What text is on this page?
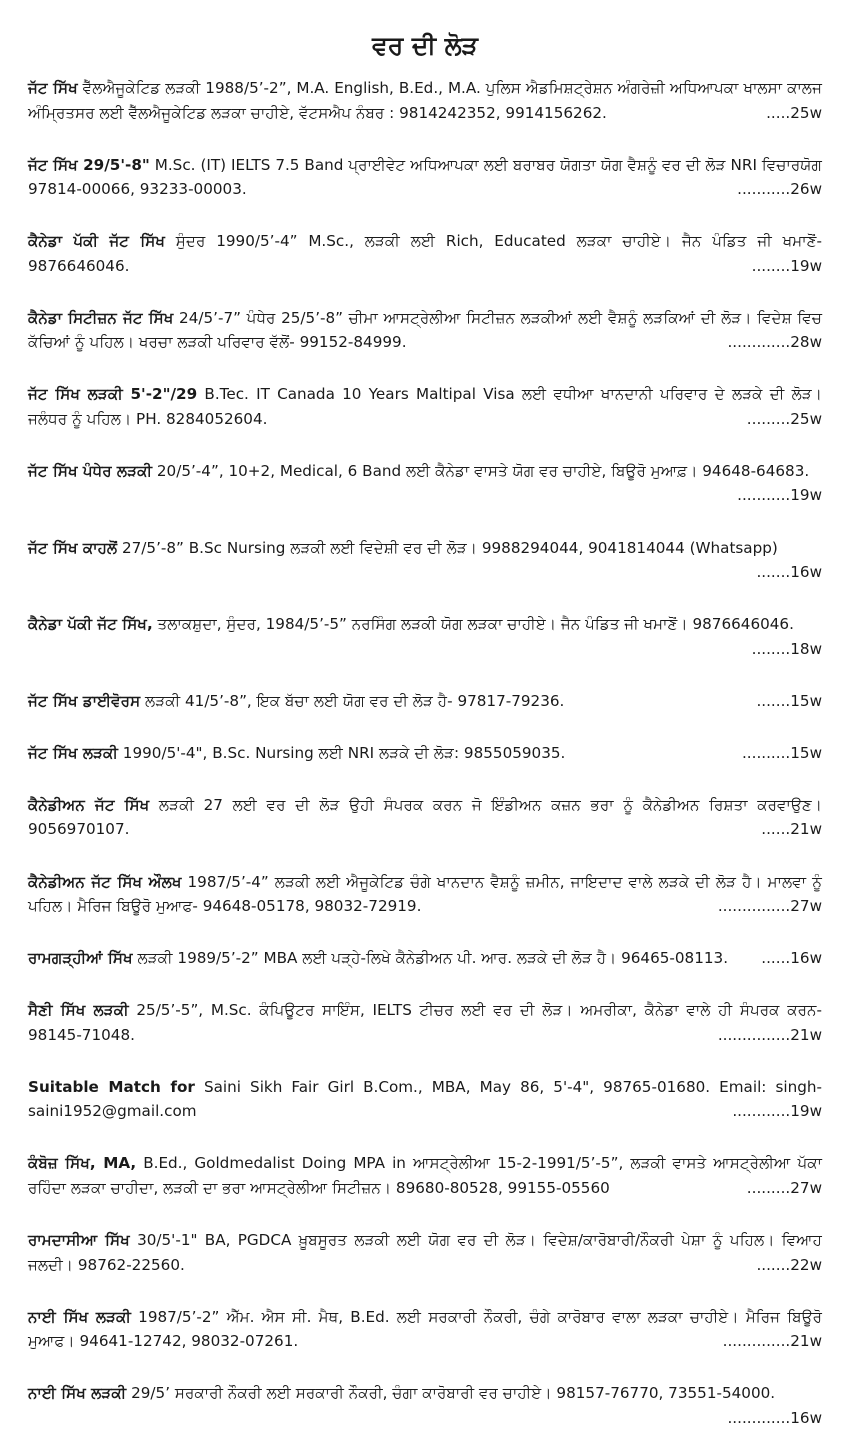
ਵਰ ਦੀ ਲੋੜ

ਜੱਟ ਸਿੱਖ ਵੈੱਲਐਜੂਕੇਟਿਡ ਲੜਕੀ 1988/5’-2”, M.A. English, B.Ed., M.A. ਪੁਲਿਸ ਐਡਮਿਸ਼ਟ੍ਰੇਸ਼ਨ ਅੰਗਰੇਜ਼ੀ ਅਧਿਆਪਕਾ ਖਾਲਸਾ ਕਾਲਜ ਅੰਮ੍ਰਿਤਸਰ ਲਈ ਵੈੱਲਐਜੂਕੇਟਿਡ ਲੜਕਾ ਚਾਹੀਏ, ਵੱਟਸਐਪ ਨੰਬਰ : 9814242352, 9914156262.	.....25w

ਜੱਟ ਸਿੱਖ 29/5'-8" M.Sc. (IT) IELTS 7.5 Band ਪ੍ਰਾਈਵੇਟ ਅਧਿਆਪਕਾ ਲਈ ਬਰਾਬਰ ਯੋਗਤਾ ਯੋਗ ਵੈਸ਼ਨੂੰ ਵਰ ਦੀ ਲੋੜ NRI ਵਿਚਾਰਯੋਗ 97814-00066, 93233-00003.	...........26w

ਕੈਨੇਡਾ ਪੱਕੀ ਜੱਟ ਸਿੱਖ ਸੁੰਦਰ 1990/5’-4” M.Sc., ਲੜਕੀ ਲਈ Rich, Educated ਲੜਕਾ ਚਾਹੀਏ। ਜੈਨ ਪੰਡਿਤ ਜੀ ਖਮਾਣੋਂ- 9876646046.	........19w

ਕੈਨੇਡਾ ਸਿਟੀਜ਼ਨ ਜੱਟ ਸਿੱਖ 24/5’-7” ਪੰਧੇਰ 25/5’-8” ਚੀਮਾ ਆਸਟ੍ਰੇਲੀਆ ਸਿਟੀਜ਼ਨ ਲੜਕੀਆਂ ਲਈ ਵੈਸ਼ਨੂੰ ਲੜਕਿਆਂ ਦੀ ਲੋੜ। ਵਿਦੇਸ਼ ਵਿਚ ਕੱਚਿਆਂ ਨੂੰ ਪਹਿਲ। ਖਰਚਾ ਲੜਕੀ ਪਰਿਵਾਰ ਵੱਲੋਂ- 99152-84999.	.............28w

ਜੱਟ ਸਿੱਖ ਲੜਕੀ 5'-2"/29 B.Tec. IT Canada 10 Years Maltipal Visa ਲਈ ਵਧੀਆ ਖਾਨਦਾਨੀ ਪਰਿਵਾਰ ਦੇ ਲੜਕੇ ਦੀ ਲੋੜ। ਜਲੰਧਰ ਨੂੰ ਪਹਿਲ। PH. 8284052604.	.........25w

ਜੱਟ ਸਿੱਖ ਪੰਧੇਰ ਲੜਕੀ 20/5’-4”, 10+2, Medical, 6 Band ਲਈ ਕੈਨੇਡਾ ਵਾਸਤੇ ਯੋਗ ਵਰ ਚਾਹੀਏ, ਬਿਊਰੋ ਮੁਆਫ਼। 94648-64683.
...........19w

ਜੱਟ ਸਿੱਖ ਕਾਹਲੋਂ 27/5’-8” B.Sc Nursing ਲੜਕੀ ਲਈ ਵਿਦੇਸ਼ੀ ਵਰ ਦੀ ਲੋੜ। 9988294044, 9041814044 (Whatsapp)
.......16w

ਕੈਨੇਡਾ ਪੱਕੀ ਜੱਟ ਸਿੱਖ, ਤਲਾਕਸ਼ੁਦਾ, ਸੁੰਦਰ, 1984/5’-5” ਨਰਸਿੰਗ ਲੜਕੀ ਯੋਗ ਲੜਕਾ ਚਾਹੀਏ। ਜੈਨ ਪੰਡਿਤ ਜੀ ਖਮਾਣੋਂ। 9876646046.
........18w

ਜੱਟ ਸਿੱਖ ਡਾਈਵੋਰਸ ਲੜਕੀ 41/5’-8”, ਇਕ ਬੱਚਾ ਲਈ ਯੋਗ ਵਰ ਦੀ ਲੋੜ ਹੈ- 97817-79236.	.......15w

ਜੱਟ ਸਿੱਖ ਲੜਕੀ 1990/5'-4", B.Sc. Nursing ਲਈ NRI ਲੜਕੇ ਦੀ ਲੋੜ: 9855059035.	..........15w

ਕੈਨੇਡੀਅਨ ਜੱਟ ਸਿੱਖ ਲੜਕੀ 27 ਲਈ ਵਰ ਦੀ ਲੋੜ ਉਹੀ ਸੰਪਰਕ ਕਰਨ ਜੋ ਇੰਡੀਅਨ ਕਜ਼ਨ ਭਰਾ ਨੂੰ ਕੈਨੇਡੀਅਨ ਰਿਸ਼ਤਾ ਕਰਵਾਉਣ। 9056970107.	......21w

ਕੈਨੇਡੀਅਨ ਜੱਟ ਸਿੱਖ ਔਲਖ 1987/5’-4” ਲੜਕੀ ਲਈ ਐਜੂਕੇਟਿਡ ਚੰਗੇ ਖਾਨਦਾਨ ਵੈਸ਼ਨੂੰ ਜ਼ਮੀਨ, ਜਾਇਦਾਦ ਵਾਲੇ ਲੜਕੇ ਦੀ ਲੋੜ ਹੈ। ਮਾਲਵਾ ਨੂੰ ਪਹਿਲ। ਮੈਰਿਜ ਬਿਊਰੋ ਮੁਆਫ- 94648-05178, 98032-72919.	...............27w

ਰਾਮਗੜ੍ਹੀਆਂ ਸਿੱਖ ਲੜਕੀ 1989/5’-2” MBA ਲਈ ਪੜ੍ਹੇ-ਲਿਖੇ ਕੈਨੇਡੀਅਨ ਪੀ. ਆਰ. ਲੜਕੇ ਦੀ ਲੋੜ ਹੈ। 96465-08113. ......16w

ਸੈਣੀ ਸਿੱਖ ਲੜਕੀ 25/5’-5”, M.Sc. ਕੰਪਿਊਟਰ ਸਾਇੰਸ, IELTS ਟੀਚਰ ਲਈ ਵਰ ਦੀ ਲੋੜ। ਅਮਰੀਕਾ, ਕੈਨੇਡਾ ਵਾਲੇ ਹੀ ਸੰਪਰਕ ਕਰਨ- 98145-71048.	...............21w

Suitable Match for Saini Sikh Fair Girl B.Com., MBA, May 86, 5'-4", 98765-01680. Email: singh-saini1952@gmail.com	............19w

ਕੰਬੋਜ਼ ਸਿੱਖ, MA, B.Ed., Goldmedalist Doing MPA in ਆਸਟ੍ਰੇਲੀਆ 15-2-1991/5’-5”, ਲੜਕੀ ਵਾਸਤੇ ਆਸਟ੍ਰੇਲੀਆ ਪੱਕਾ ਰਹਿੰਦਾ ਲੜਕਾ ਚਾਹੀਦਾ, ਲੜਕੀ ਦਾ ਭਰਾ ਆਸਟ੍ਰੇਲੀਆ ਸਿਟੀਜ਼ਨ। 89680-80528, 99155-05560	.........27w

ਰਾਮਦਾਸੀਆ ਸਿੱਖ 30/5'-1" BA, PGDCA ਖ਼ੂਬਸੂਰਤ ਲੜਕੀ ਲਈ ਯੋਗ ਵਰ ਦੀ ਲੋੜ। ਵਿਦੇਸ਼/ਕਾਰੋਬਾਰੀ/ਨੌਕਰੀ ਪੇਸ਼ਾ ਨੂੰ ਪਹਿਲ। ਵਿਆਹ ਜਲਦੀ। 98762-22560.	.......22w

ਨਾਈ ਸਿੱਖ ਲੜਕੀ 1987/5’-2” ਐੱਮ. ਐਸ ਸੀ. ਮੈਥ, B.Ed. ਲਈ ਸਰਕਾਰੀ ਨੌਕਰੀ, ਚੰਗੇ ਕਾਰੋਬਾਰ ਵਾਲਾ ਲੜਕਾ ਚਾਹੀਏ। ਮੈਰਿਜ ਬਿਊਰੋ ਮੁਆਫ। 94641-12742, 98032-07261.	..............21w

ਨਾਈ ਸਿੱਖ ਲੜਕੀ 29/5’ ਸਰਕਾਰੀ ਨੌਕਰੀ ਲਈ ਸਰਕਾਰੀ ਨੌਕਰੀ, ਚੰਗਾ ਕਾਰੋਬਾਰੀ ਵਰ ਚਾਹੀਏ। 98157-76770, 73551-54000.
.............16w
